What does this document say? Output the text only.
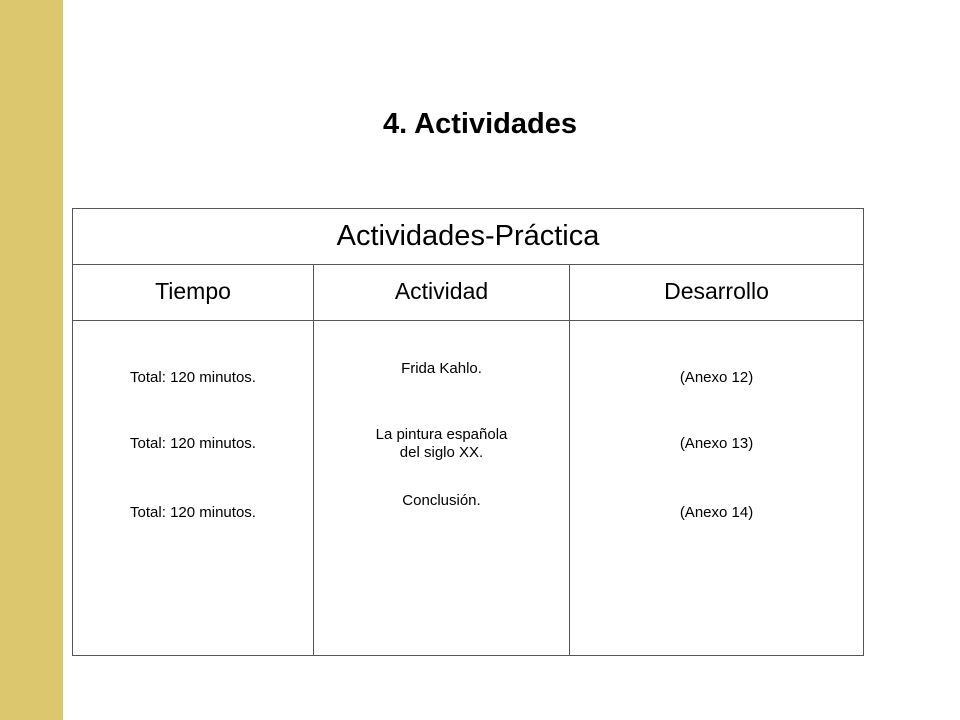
4. Actividades
Actividades-Práctica
Tiempo	Actividad	Desarrollo
Total: 120 minutos.
Total: 120 minutos.
Total: 120 minutos.
Frida Kahlo.
La pintura española
del siglo XX.
Conclusión.
(Anexo 12)
(Anexo 13)
(Anexo 14)
